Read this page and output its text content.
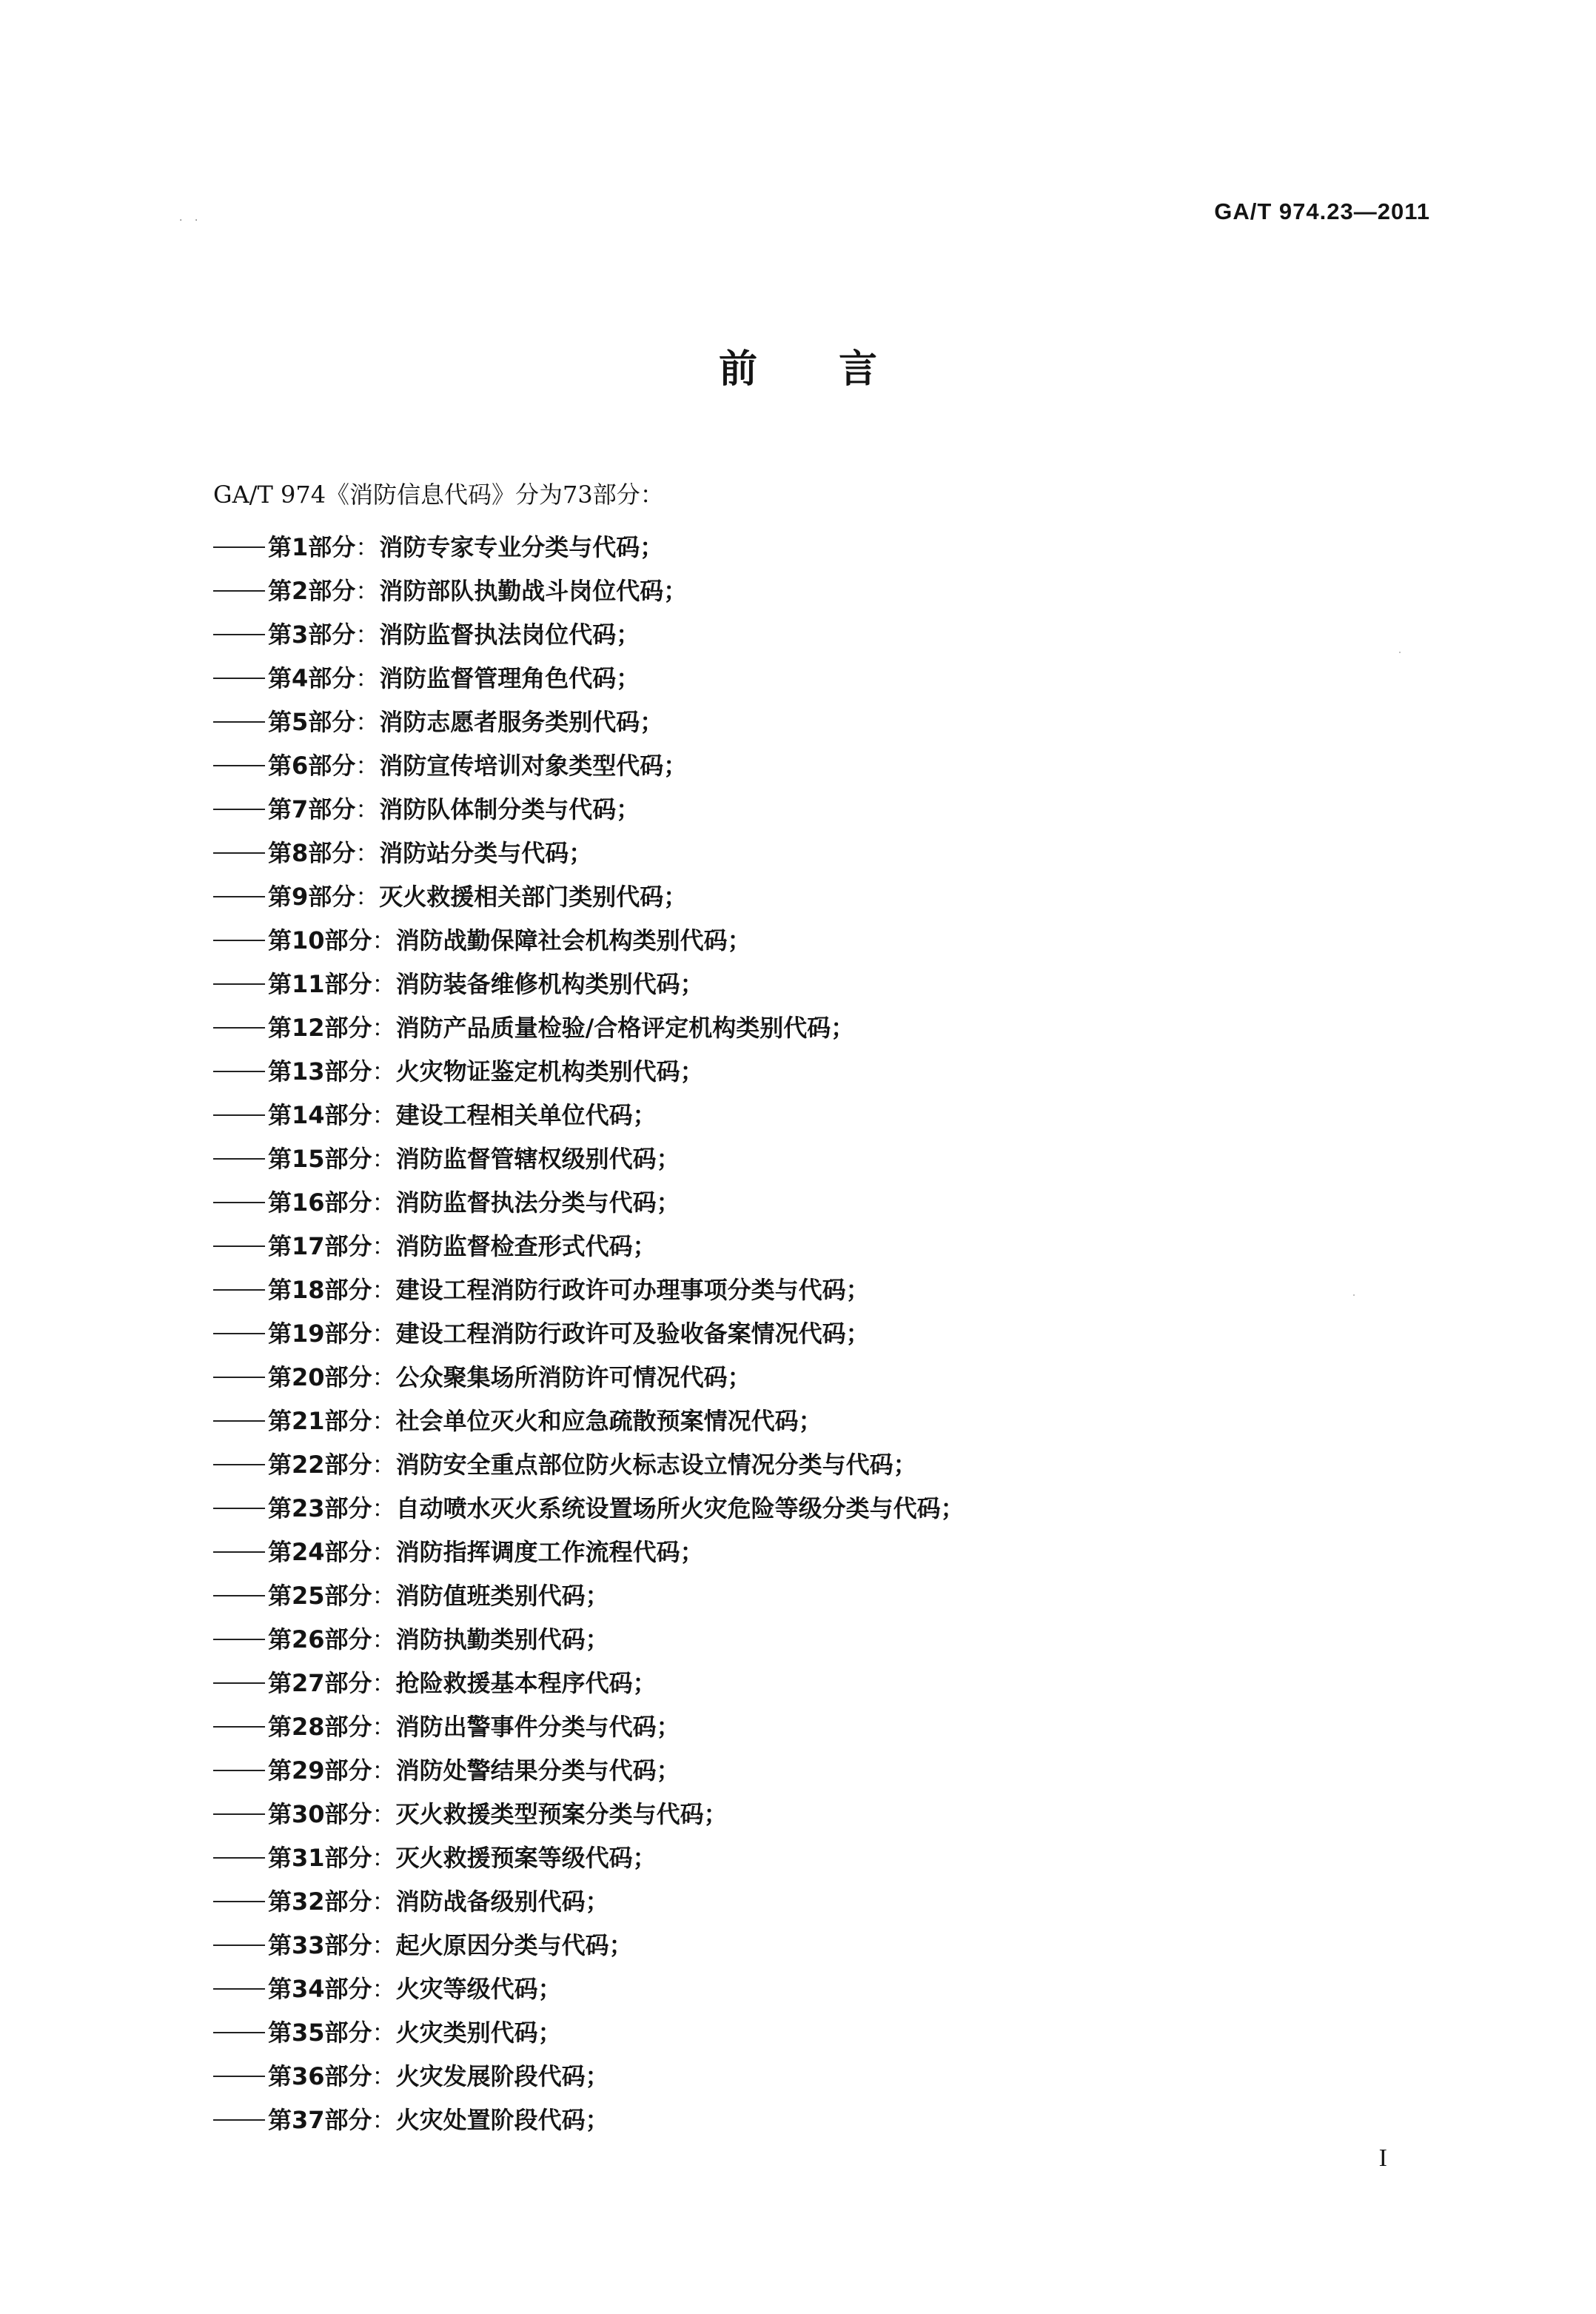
· ·	GA/T 974.23—2011
前言
GA/T 974《消防信息代码》分为73部分：
第1部分：消防专家专业分类与代码；
第2部分：消防部队执勤战斗岗位代码；
第3部分：消防监督执法岗位代码；
第4部分：消防监督管理角色代码；
第5部分：消防志愿者服务类别代码；
第6部分：消防宣传培训对象类型代码；
第7部分：消防队体制分类与代码；
第8部分：消防站分类与代码；
第9部分：灭火救援相关部门类别代码；
第10部分：消防战勤保障社会机构类别代码；
第11部分：消防装备维修机构类别代码；
第12部分：消防产品质量检验/合格评定机构类别代码；
第13部分：火灾物证鉴定机构类别代码；
第14部分：建设工程相关单位代码；
第15部分：消防监督管辖权级别代码；
第16部分：消防监督执法分类与代码；
第17部分：消防监督检查形式代码；
第18部分：建设工程消防行政许可办理事项分类与代码；
第19部分：建设工程消防行政许可及验收备案情况代码；
第20部分：公众聚集场所消防许可情况代码；
第21部分：社会单位灭火和应急疏散预案情况代码；
第22部分：消防安全重点部位防火标志设立情况分类与代码；
第23部分：自动喷水灭火系统设置场所火灾危险等级分类与代码；
第24部分：消防指挥调度工作流程代码；
第25部分：消防值班类别代码；
第26部分：消防执勤类别代码；
第27部分：抢险救援基本程序代码；
第28部分：消防出警事件分类与代码；
第29部分：消防处警结果分类与代码；
第30部分：灭火救援类型预案分类与代码；
第31部分：灭火救援预案等级代码；
第32部分：消防战备级别代码；
第33部分：起火原因分类与代码；
第34部分：火灾等级代码；
第35部分：火灾类别代码；
第36部分：火灾发展阶段代码；
第37部分：火灾处置阶段代码；
I
